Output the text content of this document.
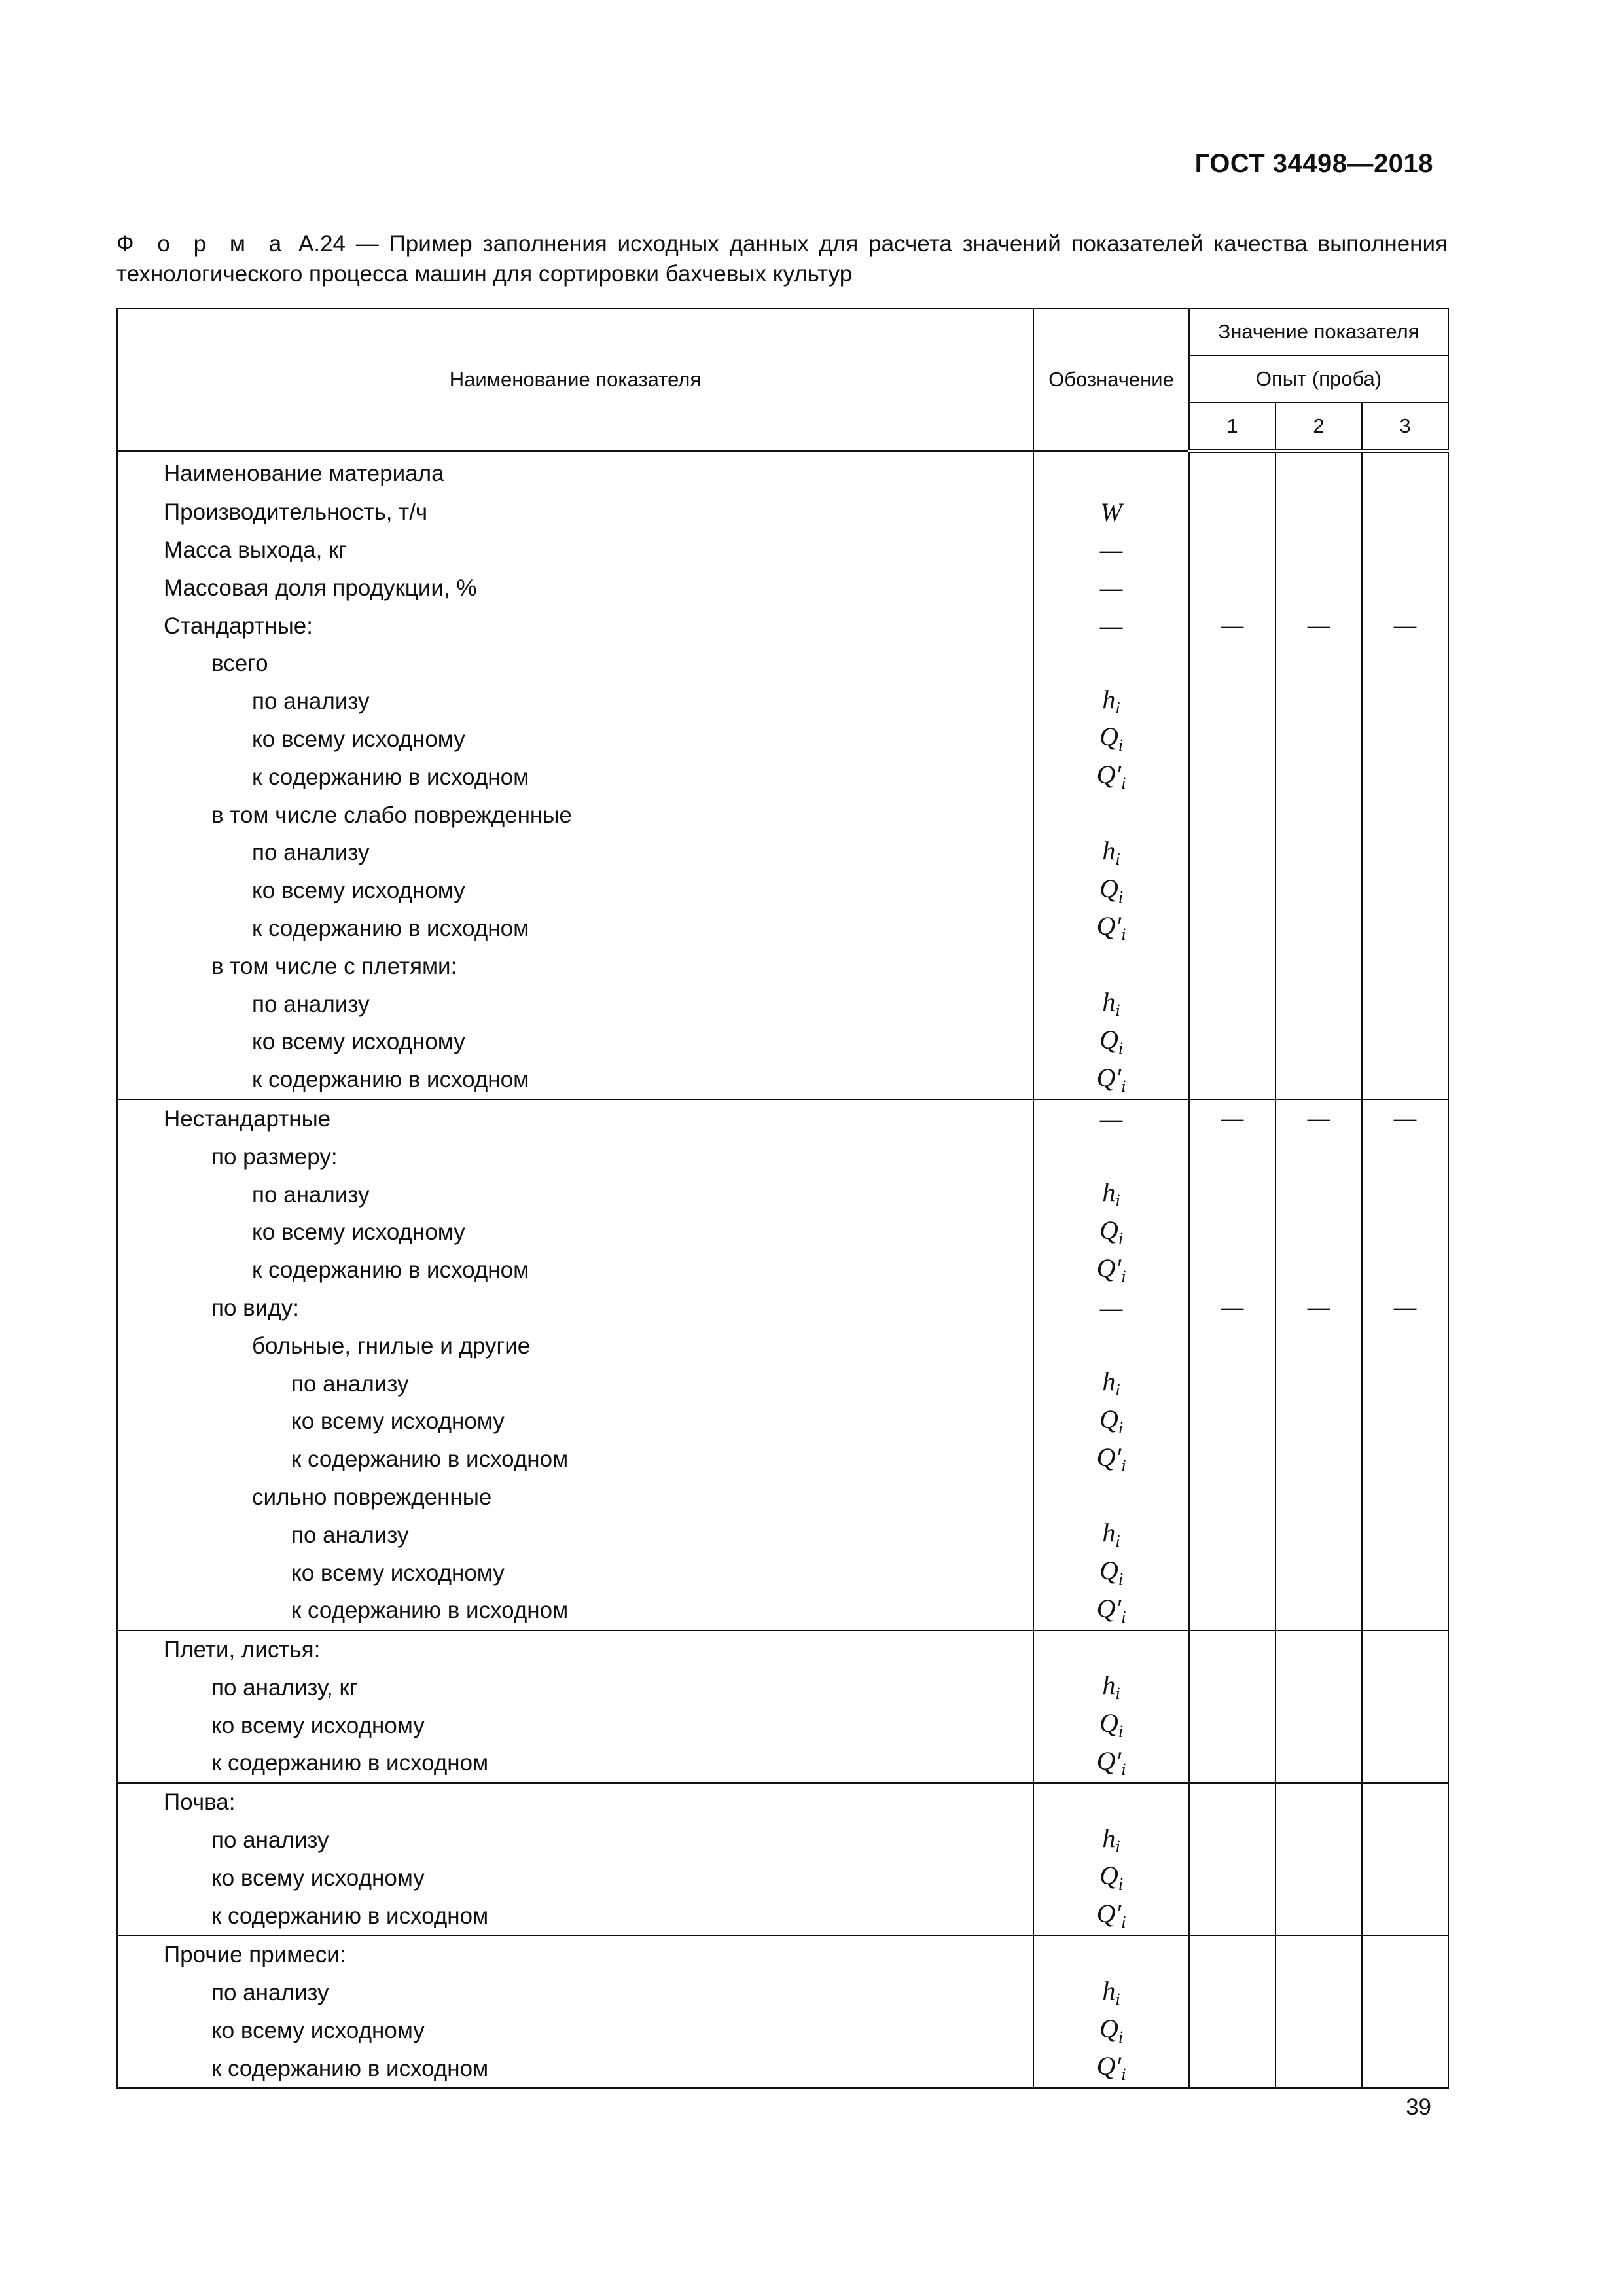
ГОСТ 34498—2018
Ф о р м а А.24 — Пример заполнения исходных данных для расчета значений показателей качества выполнения технологического процесса машин для сортировки бахчевых культур
Наименование показателя	Обозначение	Значение показателя		
		Опыт (проба)		
		1	2	3
Наименование материала				
Производительность, т/ч	W			
Масса выхода, кг	—			
Массовая доля продукции, %	—			
Стандартные:	—	—	—	—
всего				
по анализу	$h_i$			
ко всему исходному	$Q_i$			
к содержанию в исходном	$Q'_i$			
в том числе слабо поврежденные				
по анализу	$h_i$			
ко всему исходному	$Q_i$			
к содержанию в исходном	$Q'_i$			
в том числе с плетями:				
по анализу	$h_i$			
ко всему исходному	$Q_i$			
к содержанию в исходном	$Q'_i$			
Нестандартные	—	—	—	—
по размеру:				
по анализу	$h_i$			
ко всему исходному	$Q_i$			
к содержанию в исходном	$Q'_i$			
по виду:	—	—	—	—
больные, гнилые и другие				
по анализу	$h_i$			
ко всему исходному	$Q_i$			
к содержанию в исходном	$Q'_i$			
сильно поврежденные				
по анализу	$h_i$			
ко всему исходному	$Q_i$			
к содержанию в исходном	$Q'_i$			
Плети, листья:				
по анализу, кг	$h_i$			
ко всему исходному	$Q_i$			
к содержанию в исходном	$Q'_i$			
Почва:				
по анализу	$h_i$			
ко всему исходному	$Q_i$			
к содержанию в исходном	$Q'_i$			
Прочие примеси:				
по анализу	$h_i$			
ко всему исходному	$Q_i$			
к содержанию в исходном	$Q'_i$			
39
